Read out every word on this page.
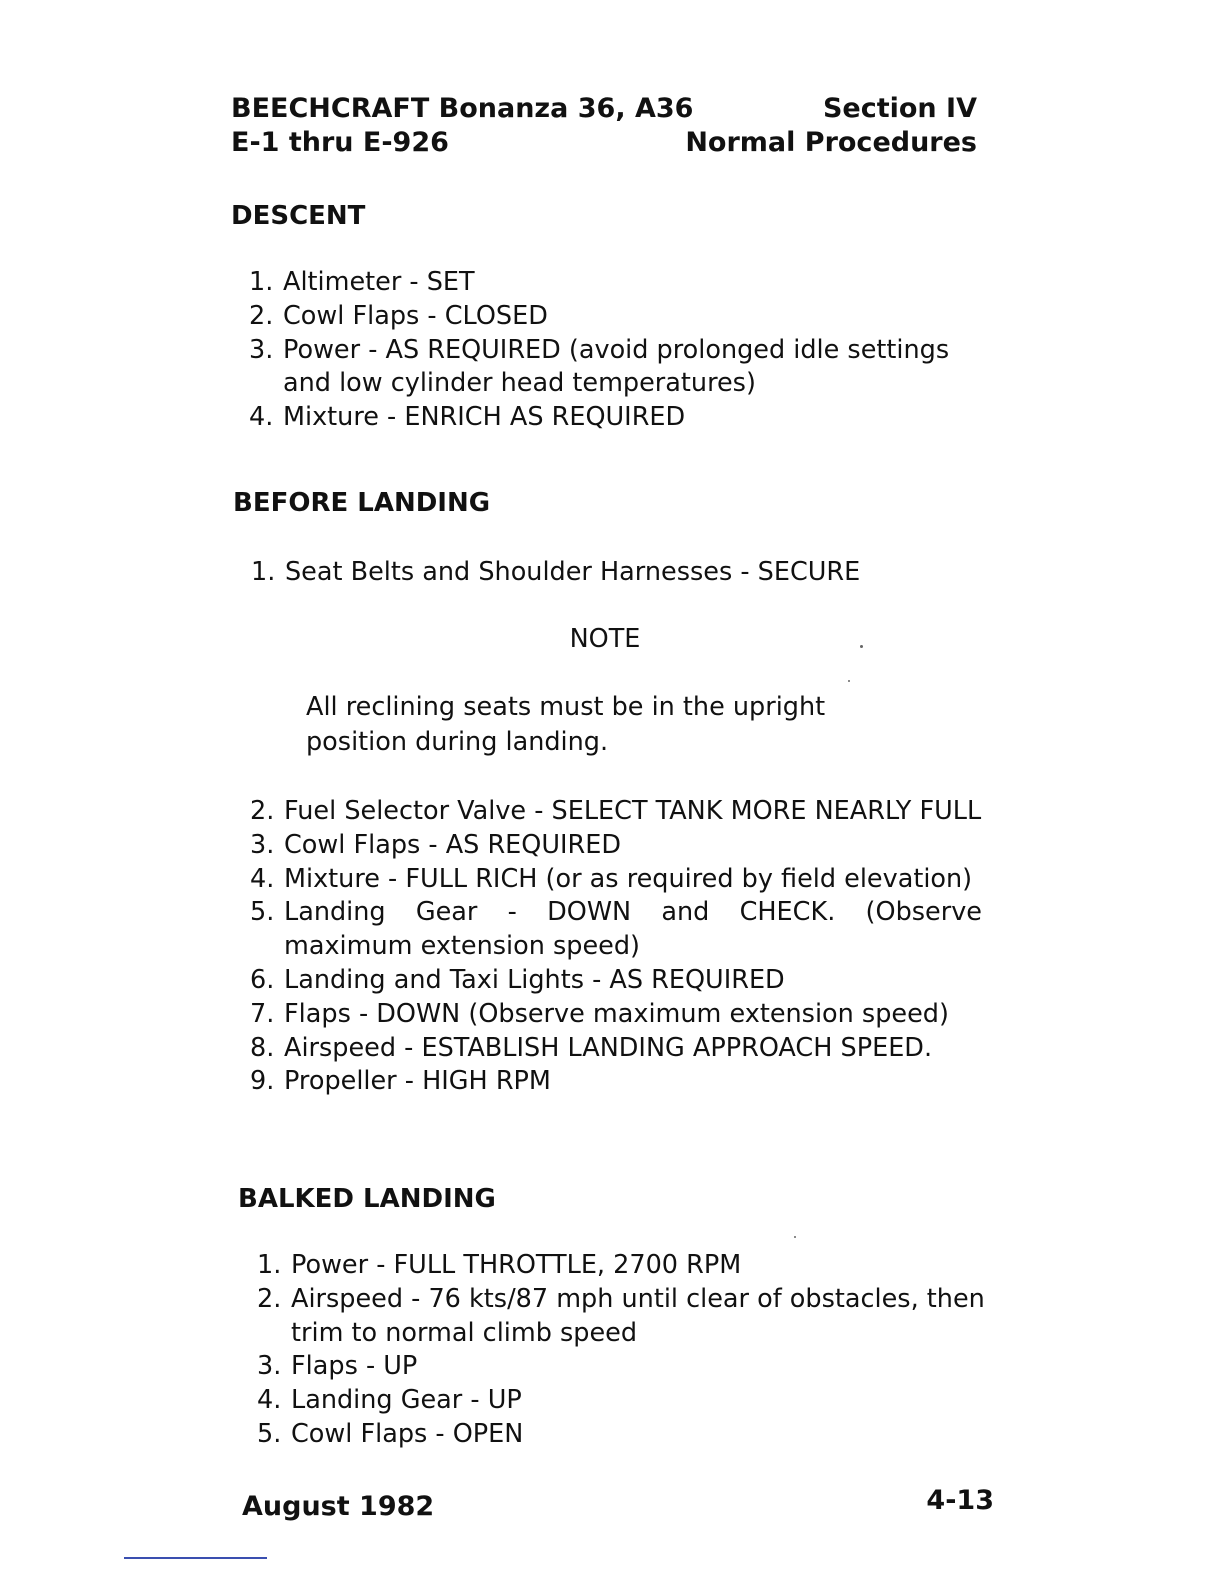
BEECHCRAFT Bonanza 36, A36
E-1 thru E-926
Section IV
Normal Procedures
DESCENT
1. Altimeter - SET
2. Cowl Flaps - CLOSED
3. Power - AS REQUIRED (avoid prolonged idle settings and low cylinder head temperatures)
4. Mixture - ENRICH AS REQUIRED
BEFORE LANDING
1. Seat Belts and Shoulder Harnesses - SECURE
NOTE
All reclining seats must be in the upright position during landing.
2. Fuel Selector Valve - SELECT TANK MORE NEARLY FULL
3. Cowl Flaps - AS REQUIRED
4. Mixture - FULL RICH (or as required by field elevation)
5. Landing Gear - DOWN and CHECK. (Observe maximum extension speed)
6. Landing and Taxi Lights - AS REQUIRED
7. Flaps - DOWN (Observe maximum extension speed)
8. Airspeed - ESTABLISH LANDING APPROACH SPEED.
9. Propeller - HIGH RPM
BALKED LANDING
1. Power - FULL THROTTLE, 2700 RPM
2. Airspeed - 76 kts/87 mph until clear of obstacles, then trim to normal climb speed
3. Flaps - UP
4. Landing Gear - UP
5. Cowl Flaps - OPEN
August 1982	4-13
